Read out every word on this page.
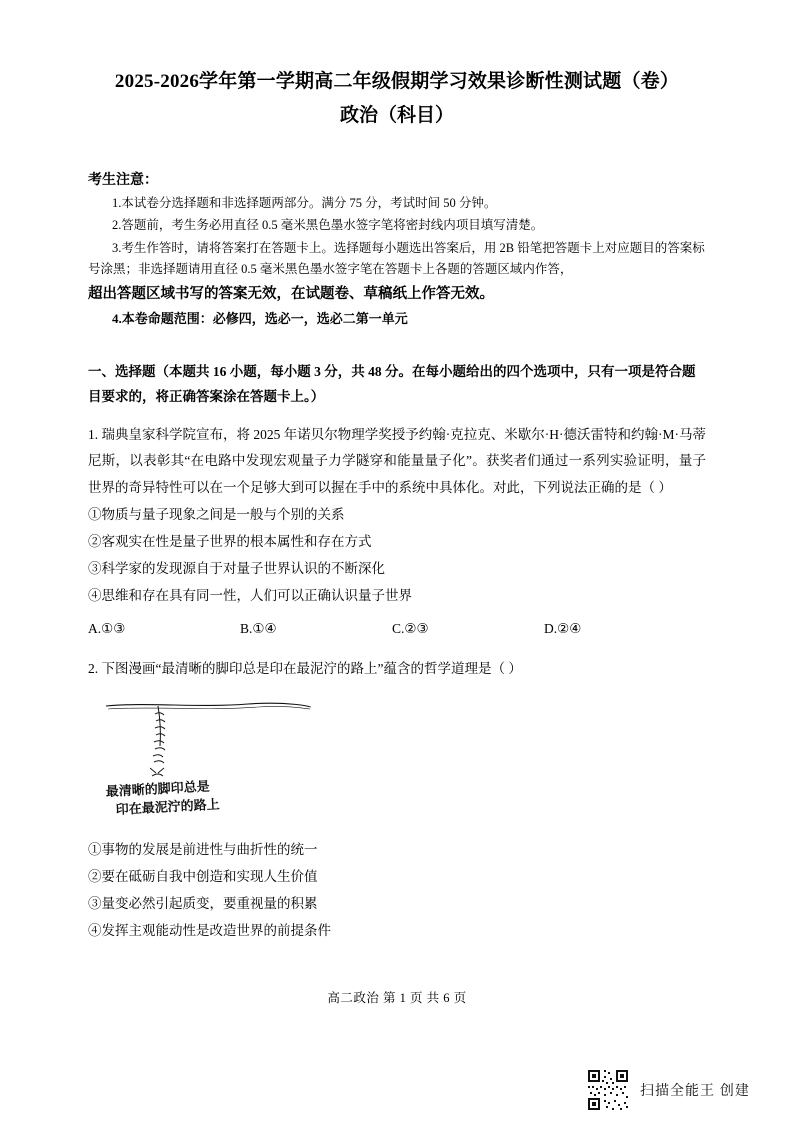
2025-2026学年第一学期高二年级假期学习效果诊断性测试题（卷）
政治（科目）
考生注意：
1.本试卷分选择题和非选择题两部分。满分 75 分，考试时间 50 分钟。
2.答题前，考生务必用直径 0.5 毫米黑色墨水签字笔将密封线内项目填写清楚。
3.考生作答时，请将答案打在答题卡上。选择题每小题选出答案后，用 2B 铅笔把答题卡上对应题目的答案标号涂黑；非选择题请用直径 0.5 毫米黑色墨水签字笔在答题卡上各题的答题区域内作答，
超出答题区域书写的答案无效，在试题卷、草稿纸上作答无效。
4.本卷命题范围：必修四，选必一，选必二第一单元
一、选择题（本题共 16 小题，每小题 3 分，共 48 分。在每小题给出的四个选项中，只有一项是符合题目要求的，将正确答案涂在答题卡上。）
1. 瑞典皇家科学院宣布，将 2025 年诺贝尔物理学奖授予约翰·克拉克、米歇尔·H·德沃雷特和约翰·M·马蒂尼斯，以表彰其“在电路中发现宏观量子力学隧穿和能量量子化”。获奖者们通过一系列实验证明，量子世界的奇异特性可以在一个足够大到可以握在手中的系统中具体化。对此，下列说法正确的是（ ）
①物质与量子现象之间是一般与个别的关系
②客观实在性是量子世界的根本属性和存在方式
③科学家的发现源自于对量子世界认识的不断深化
④思维和存在具有同一性，人们可以正确认识量子世界
A.①③	B.①④	C.②③	D.②④
2. 下图漫画“最清晰的脚印总是印在最泥泞的路上”蕴含的哲学道理是（ ）
最清晰的脚印总是
印在最泥泞的路上
①事物的发展是前进性与曲折性的统一
②要在砥砺自我中创造和实现人生价值
③量变必然引起质变，要重视量的积累
④发挥主观能动性是改造世界的前提条件
高二政治 第 1 页 共 6 页
扫描全能王 创建
